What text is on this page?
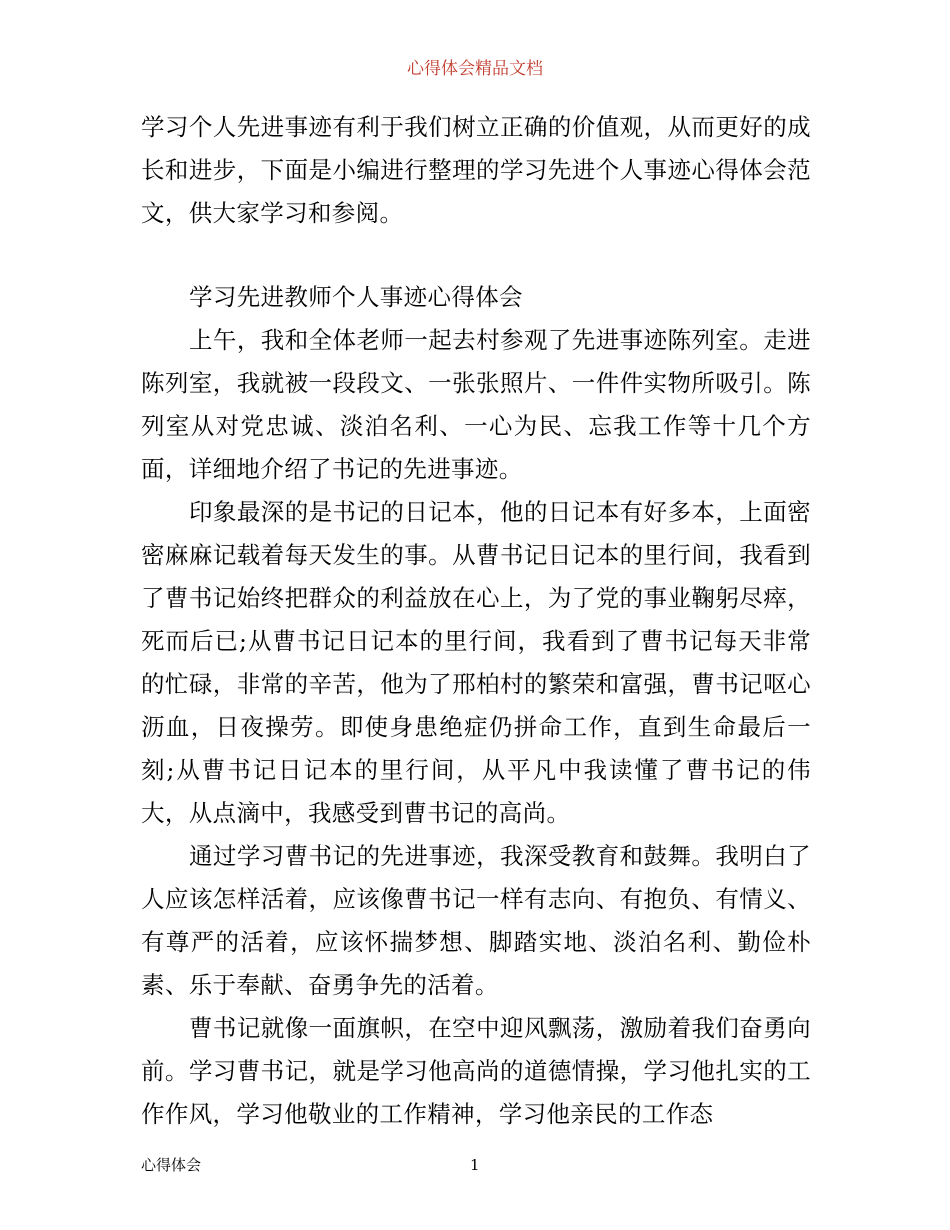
心得体会精品文档

学习个人先进事迹有利于我们树立正确的价值观，从而更好的成长和进步，下面是小编进行整理的学习先进个人事迹心得体会范文，供大家学习和参阅。

学习先进教师个人事迹心得体会

上午，我和全体老师一起去村参观了先进事迹陈列室。走进陈列室，我就被一段段文、一张张照片、一件件实物所吸引。陈列室从对党忠诚、淡泊名利、一心为民、忘我工作等十几个方面，详细地介绍了书记的先进事迹。

印象最深的是书记的日记本，他的日记本有好多本，上面密密麻麻记载着每天发生的事。从曹书记日记本的里行间，我看到了曹书记始终把群众的利益放在心上，为了党的事业鞠躬尽瘁，死而后已;从曹书记日记本的里行间，我看到了曹书记每天非常的忙碌，非常的辛苦，他为了邢柏村的繁荣和富强，曹书记呕心沥血，日夜操劳。即使身患绝症仍拼命工作，直到生命最后一刻;从曹书记日记本的里行间，从平凡中我读懂了曹书记的伟大，从点滴中，我感受到曹书记的高尚。

通过学习曹书记的先进事迹，我深受教育和鼓舞。我明白了人应该怎样活着，应该像曹书记一样有志向、有抱负、有情义、有尊严的活着，应该怀揣梦想、脚踏实地、淡泊名利、勤俭朴素、乐于奉献、奋勇争先的活着。

曹书记就像一面旗帜，在空中迎风飘荡，激励着我们奋勇向前。学习曹书记，就是学习他高尚的道德情操，学习他扎实的工作作风，学习他敬业的工作精神，学习他亲民的工作态

心得体会	1
